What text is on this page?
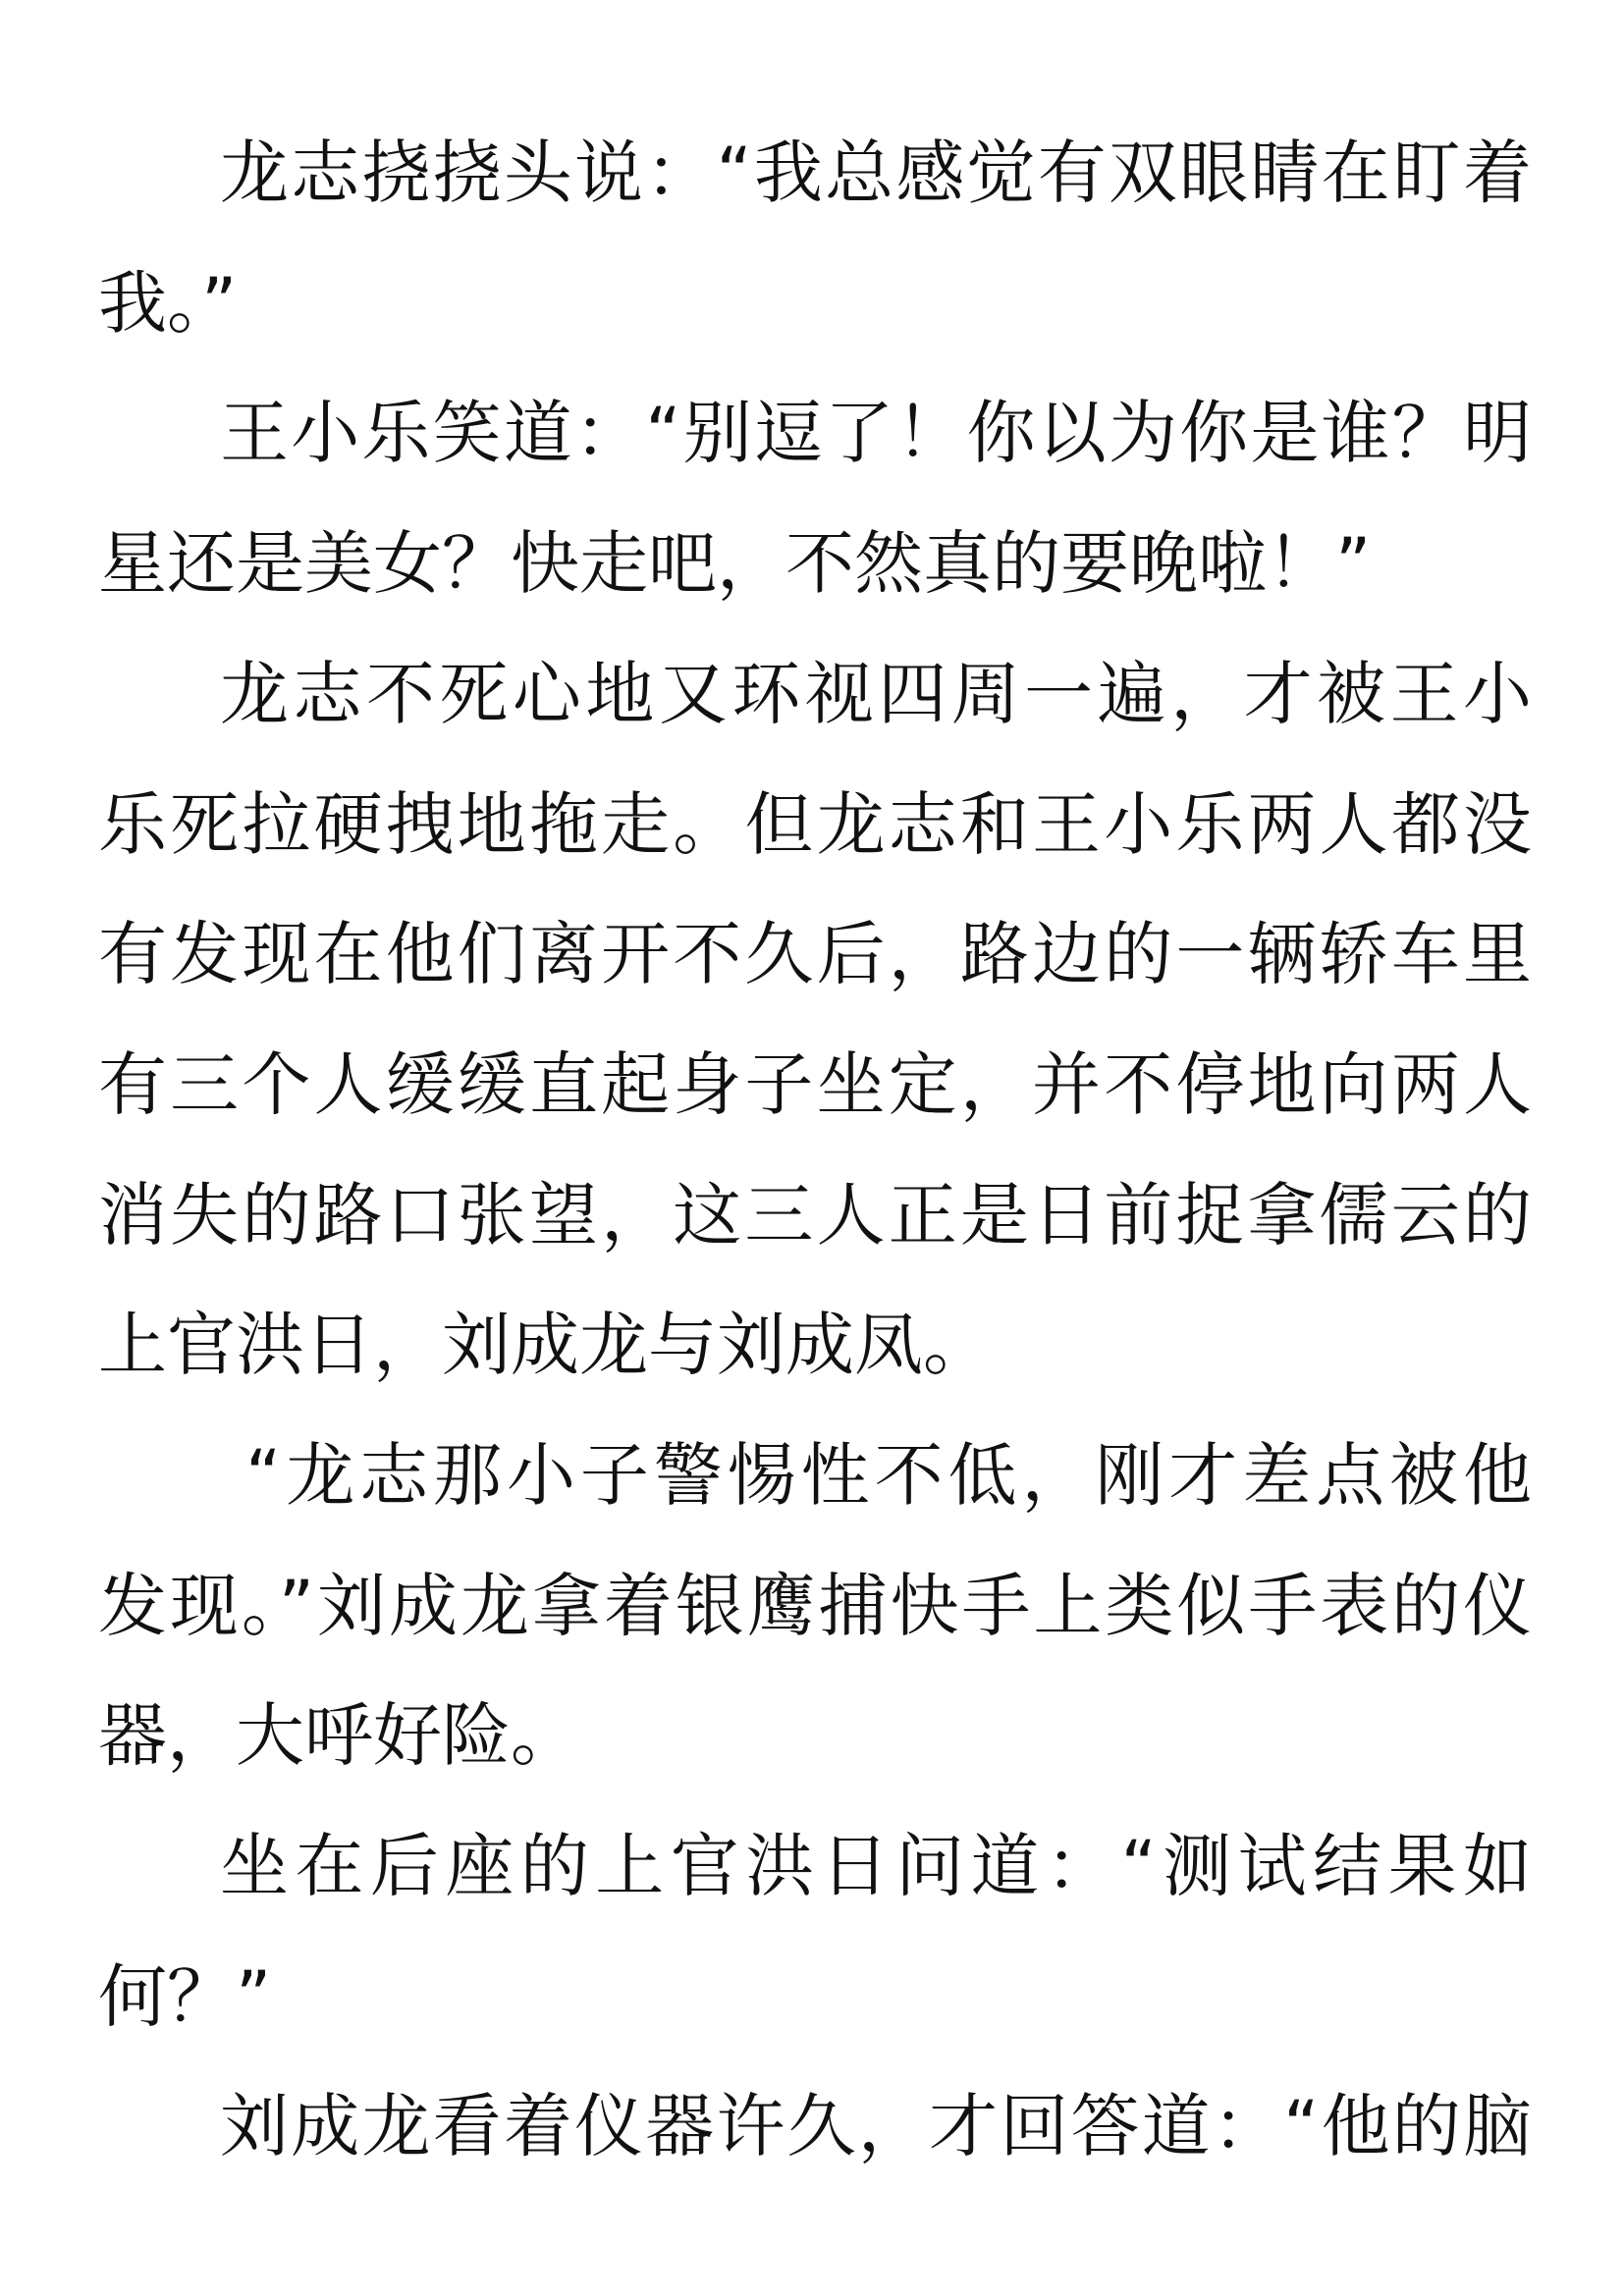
龙志挠挠头说：“我总感觉有双眼睛在盯着
我。”
王小乐笑道：“别逗了！你以为你是谁？明
星还是美女？快走吧，不然真的要晚啦！”
龙志不死心地又环视四周一遍，才被王小
乐死拉硬拽地拖走。但龙志和王小乐两人都没
有发现在他们离开不久后，路边的一辆轿车里
有三个人缓缓直起身子坐定，并不停地向两人
消失的路口张望，这三人正是日前捉拿儒云的
上官洪日，刘成龙与刘成凤。
“龙志那小子警惕性不低，刚才差点被他
发现。”刘成龙拿着银鹰捕快手上类似手表的仪
器，大呼好险。
坐在后座的上官洪日问道：“测试结果如
何？”
刘成龙看着仪器许久，才回答道：“他的脑
